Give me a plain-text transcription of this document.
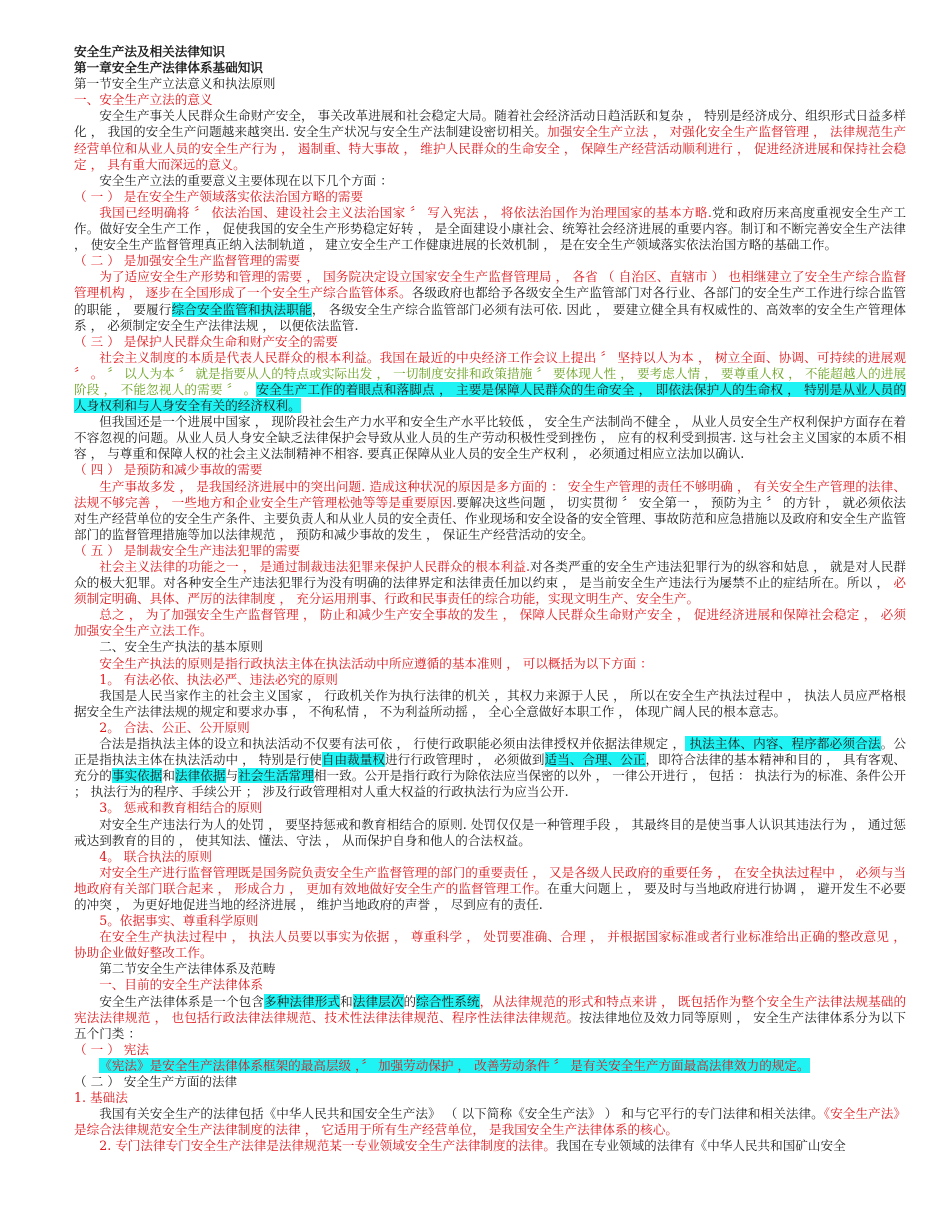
安全生产法及相关法律知识

第一章安全生产法律体系基础知识

第一节安全生产立法意义和执法原则

一、安全生产立法的意义

安全生产事关人民群众生命财产安全， 事关改革进展和社会稳定大局。随着社会经济活动日趋活跃和复杂 ， 特别是经济成分、组织形式日益多样化 ， 我国的安全生产问题越来越突出. 安全生产状况与安全生产法制建设密切相关。加强安全生产立法 ， 对强化安全生产监督管理 ， 法律规范生产经营单位和从业人员的安全生产行为 ， 遏制重、特大事故 ， 维护人民群众的生命安全 ， 保障生产经营活动顺利进行 ， 促进经济进展和保持社会稳定 ， 具有重大而深远的意义。

安全生产立法的重要意义主要体现在以下几个方面 ：

（ 一 ） 是在安全生产领域落实依法治国方略的需要

我国已经明确将 〞 依法治国、建设社会主义法治国家 〞 写入宪法 ， 将依法治国作为治理国家的基本方略.党和政府历来高度重视安全生产工作。做好安全生产工作 ， 促使我国的安全生产形势稳定好转 ， 是全面建设小康社会、统筹社会经济进展的重要内容。制订和不断完善安全生产法律 ， 使安全生产监督管理真正纳入法制轨道 ， 建立安全生产工作健康进展的长效机制 ， 是在安全生产领域落实依法治国方略的基础工作。

（ 二 ） 是加强安全生产监督管理的需要

为了适应安全生产形势和管理的需要 ， 国务院决定设立国家安全生产监督管理局 ， 各省 （ 自治区、直辖市 ） 也相继建立了安全生产综合监督管理机构 ， 逐步在全国形成了一个安全生产综合监管体系。各级政府也都给予各级安全生产监管部门对各行业、各部门的安全生产工作进行综合监管的职能 ， 要履行综合安全监管和执法职能， 各级安全生产综合监管部门必须有法可依. 因此 ， 要建立健全具有权威性的、高效率的安全生产管理体系 ， 必须制定安全生产法律法规 ， 以便依法监管.

（ 三 ） 是保护人民群众生命和财产安全的需要

社会主义制度的本质是代表人民群众的根本利益。我国在最近的中央经济工作会议上提出 〞 坚持以人为本 ， 树立全面、协调、可持续的进展观 〞 。 〞 以人为本 〞 就是指要从人的特点或实际出发 ， 一切制度安排和政策措施 〞 要体现人性 ， 要考虑人情 ， 要尊重人权 ， 不能超越人的进展阶段 ， 不能忽视人的需要 〞 。安全生产工作的着眼点和落脚点 ， 主要是保障人民群众的生命安全 ， 即依法保护人的生命权 ， 特别是从业人员的人身权利和与人身安全有关的经济权利。

但我国还是一个进展中国家 ， 现阶段社会生产力水平和安全生产水平比较低 ， 安全生产法制尚不健全 ， 从业人员安全生产权利保护方面存在着不容忽视的问题。从业人员人身安全缺乏法律保护会导致从业人员的生产劳动积极性受到挫伤 ， 应有的权利受到损害. 这与社会主义国家的本质不相容 ， 与尊重和保障人权的社会主义法制精神不相容. 要真正保障从业人员的安全生产权利 ， 必须通过相应立法加以确认.

（ 四 ） 是预防和减少事故的需要

生产事故多发 ， 是我国经济进展中的突出问题. 造成这种状况的原因是多方面的 ： 安全生产管理的责任不够明确 ， 有关安全生产管理的法律、法规不够完善 ， 一些地方和企业安全生产管理松弛等等是重要原因.要解决这些问题 ， 切实贯彻 〞 安全第一 ， 预防为主 〞 的方针 ， 就必须依法对生产经营单位的安全生产条件、主要负责人和从业人员的安全责任、作业现场和安全设备的安全管理、事故防范和应急措施以及政府和安全生产监管部门的监督管理措施等加以法律规范 ， 预防和减少事故的发生 ， 保证生产经营活动的安全。

（ 五 ） 是制裁安全生产违法犯罪的需要

社会主义法律的功能之一 ， 是通过制裁违法犯罪来保护人民群众的根本利益.对各类严重的安全生产违法犯罪行为的纵容和姑息 ， 就是对人民群众的极大犯罪。对各种安全生产违法犯罪行为没有明确的法律界定和法律责任加以约束 ， 是当前安全生产违法行为屡禁不止的症结所在。所以 ， 必须制定明确、具体、严厉的法律制度 ， 充分运用刑事、行政和民事责任的综合功能，实现文明生产、安全生产。

总之 ， 为了加强安全生产监督管理 ， 防止和减少生产安全事故的发生 ， 保障人民群众生命财产安全 ， 促进经济进展和保障社会稳定 ， 必须加强安全生产立法工作。

二、安全生产执法的基本原则

安全生产执法的原则是指行政执法主体在执法活动中所应遵循的基本准则 ， 可以概括为以下方面 ：

1。 有法必依、执法必严、违法必究的原则

我国是人民当家作主的社会主义国家 ， 行政机关作为执行法律的机关 ，其权力来源于人民 ， 所以在安全生产执法过程中 ， 执法人员应严格根据安全生产法律法规的规定和要求办事 ， 不徇私情 ， 不为利益所动摇 ， 全心全意做好本职工作 ， 体现广阔人民的根本意志。

2。 合法、公正、公开原则

合法是指执法主体的设立和执法活动不仅要有法可依 ， 行使行政职能必须由法律授权并依据法律规定 ， 执法主体、内容、程序都必须合法。公正是指执法主体在执法活动中 ， 特别是行使自由裁量权进行行政管理时 ， 必须做到适当、合理、公正，即符合法律的基本精神和目的 ， 具有客观、充分的事实依据和法律依据与社会生活常理相一致。公开是指行政行为除依法应当保密的以外 ， 一律公开进行 ， 包括 ： 执法行为的标准、条件公开 ； 执法行为的程序、手续公开 ； 涉及行政管理相对人重大权益的行政执法行为应当公开.

3。 惩戒和教育相结合的原则

对安全生产违法行为人的处罚 ， 要坚持惩戒和教育相结合的原则. 处罚仅仅是一种管理手段 ， 其最终目的是使当事人认识其违法行为 ， 通过惩戒达到教育的目的 ， 使其知法、懂法、守法 ， 从而保护自身和他人的合法权益。

4。 联合执法的原则

对安全生产进行监督管理既是国务院负责安全生产监督管理的部门的重要责任 ， 又是各级人民政府的重要任务 ， 在安全执法过程中 ， 必须与当地政府有关部门联合起来 ， 形成合力 ， 更加有效地做好安全生产的监督管理工作。在重大问题上 ， 要及时与当地政府进行协调 ， 避开发生不必要的冲突 ， 为更好地促进当地的经济进展 ， 维护当地政府的声誉 ， 尽到应有的责任.

5。依据事实、尊重科学原则

在安全生产执法过程中 ， 执法人员要以事实为依据 ， 尊重科学 ， 处罚要准确、合理 ， 并根据国家标准或者行业标准给出正确的整改意见 ， 协助企业做好整改工作。

第二节安全生产法律体系及范畴

一、目前的安全生产法律体系

安全生产法律体系是一个包含多种法律形式和法律层次的综合性系统，从法律规范的形式和特点来讲 ， 既包括作为整个安全生产法律法规基础的宪法法律规范 ， 也包括行政法律法律规范、技术性法律法律规范、程序性法律法律规范。按法律地位及效力同等原则 ， 安全生产法律体系分为以下五个门类 ：

（ 一 ） 宪法

《宪法》是安全生产法律体系框架的最高层级 ，〞 加强劳动保护 ， 改善劳动条件 〞 是有关安全生产方面最高法律效力的规定。

（ 二 ） 安全生产方面的法律

1. 基础法

我国有关安全生产的法律包括《中华人民共和国安全生产法》 （ 以下简称《安全生产法》 ） 和与它平行的专门法律和相关法律。《安全生产法》是综合法律规范安全生产法律制度的法律 ， 它适用于所有生产经营单位， 是我国安全生产法律体系的核心。

2. 专门法律专门安全生产法律是法律规范某一专业领域安全生产法律制度的法律。我国在专业领域的法律有《中华人民共和国矿山安全
